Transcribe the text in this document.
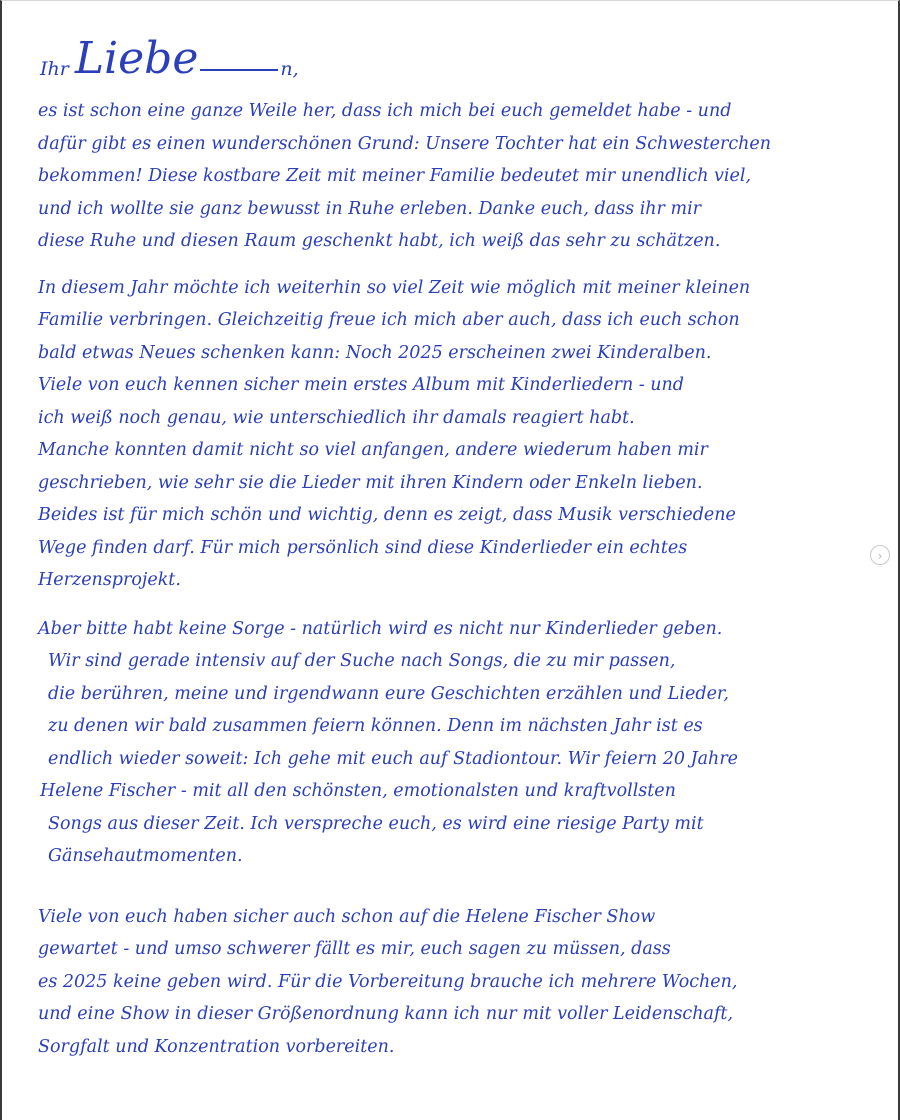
Ihr Liebe	n,
es ist schon eine ganze Weile her, dass ich mich bei euch gemeldet habe - und
dafür gibt es einen wunderschönen Grund: Unsere Tochter hat ein Schwesterchen
bekommen! Diese kostbare Zeit mit meiner Familie bedeutet mir unendlich viel,
und ich wollte sie ganz bewusst in Ruhe erleben. Danke euch, dass ihr mir
diese Ruhe und diesen Raum geschenkt habt, ich weiß das sehr zu schätzen.
In diesem Jahr möchte ich weiterhin so viel Zeit wie möglich mit meiner kleinen
Familie verbringen. Gleichzeitig freue ich mich aber auch, dass ich euch schon
bald etwas Neues schenken kann: Noch 2025 erscheinen zwei Kinderalben.
Viele von euch kennen sicher mein erstes Album mit Kinderliedern - und
ich weiß noch genau, wie unterschiedlich ihr damals reagiert habt.
Manche konnten damit nicht so viel anfangen, andere wiederum haben mir
geschrieben, wie sehr sie die Lieder mit ihren Kindern oder Enkeln lieben.
Beides ist für mich schön und wichtig, denn es zeigt, dass Musik verschiedene
Wege finden darf. Für mich persönlich sind diese Kinderlieder ein echtes
Herzensprojekt.
Aber bitte habt keine Sorge - natürlich wird es nicht nur Kinderlieder geben.
Wir sind gerade intensiv auf der Suche nach Songs, die zu mir passen,
die berühren, meine und irgendwann eure Geschichten erzählen und Lieder,
zu denen wir bald zusammen feiern können. Denn im nächsten Jahr ist es
endlich wieder soweit: Ich gehe mit euch auf Stadiontour. Wir feiern 20 Jahre
Helene Fischer - mit all den schönsten, emotionalsten und kraftvollsten
Songs aus dieser Zeit. Ich verspreche euch, es wird eine riesige Party mit
Gänsehautmomenten.
Viele von euch haben sicher auch schon auf die Helene Fischer Show
gewartet - und umso schwerer fällt es mir, euch sagen zu müssen, dass
es 2025 keine geben wird. Für die Vorbereitung brauche ich mehrere Wochen,
und eine Show in dieser Größenordnung kann ich nur mit voller Leidenschaft,
Sorgfalt und Konzentration vorbereiten.
›
